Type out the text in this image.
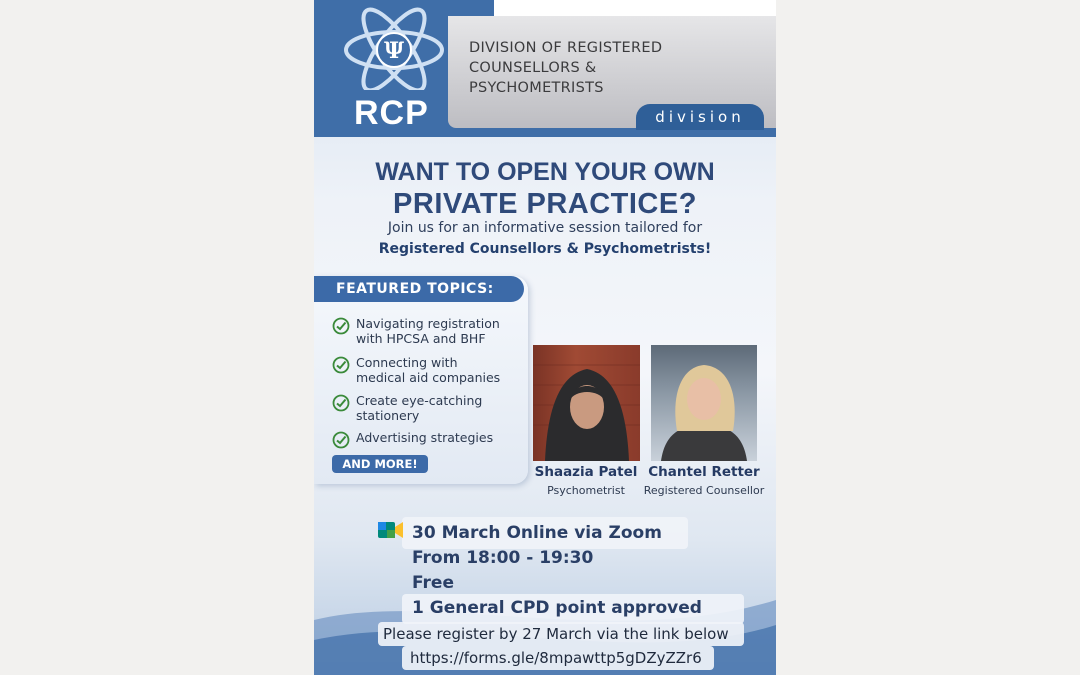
Ψ
RCP
DIVISION OF REGISTERED
COUNSELLORS &
PSYCHOMETRISTS
division
WANT TO OPEN YOUR OWN
PRIVATE PRACTICE?
Join us for an informative session tailored for
Registered Counsellors & Psychometrists!
FEATURED TOPICS:
Navigating registration
with HPCSA and BHF
Connecting with
medical aid companies
Create eye-catching
stationery
Advertising strategies
AND MORE!	Shaazia Patel
Psychometrist
Chantel Retter
Registered Counsellor
30 March Online via Zoom
From 18:00 - 19:30
Free
1 General CPD point approved
Please register by 27 March via the link below
https://forms.gle/8mpawttp5gDZyZZr6
